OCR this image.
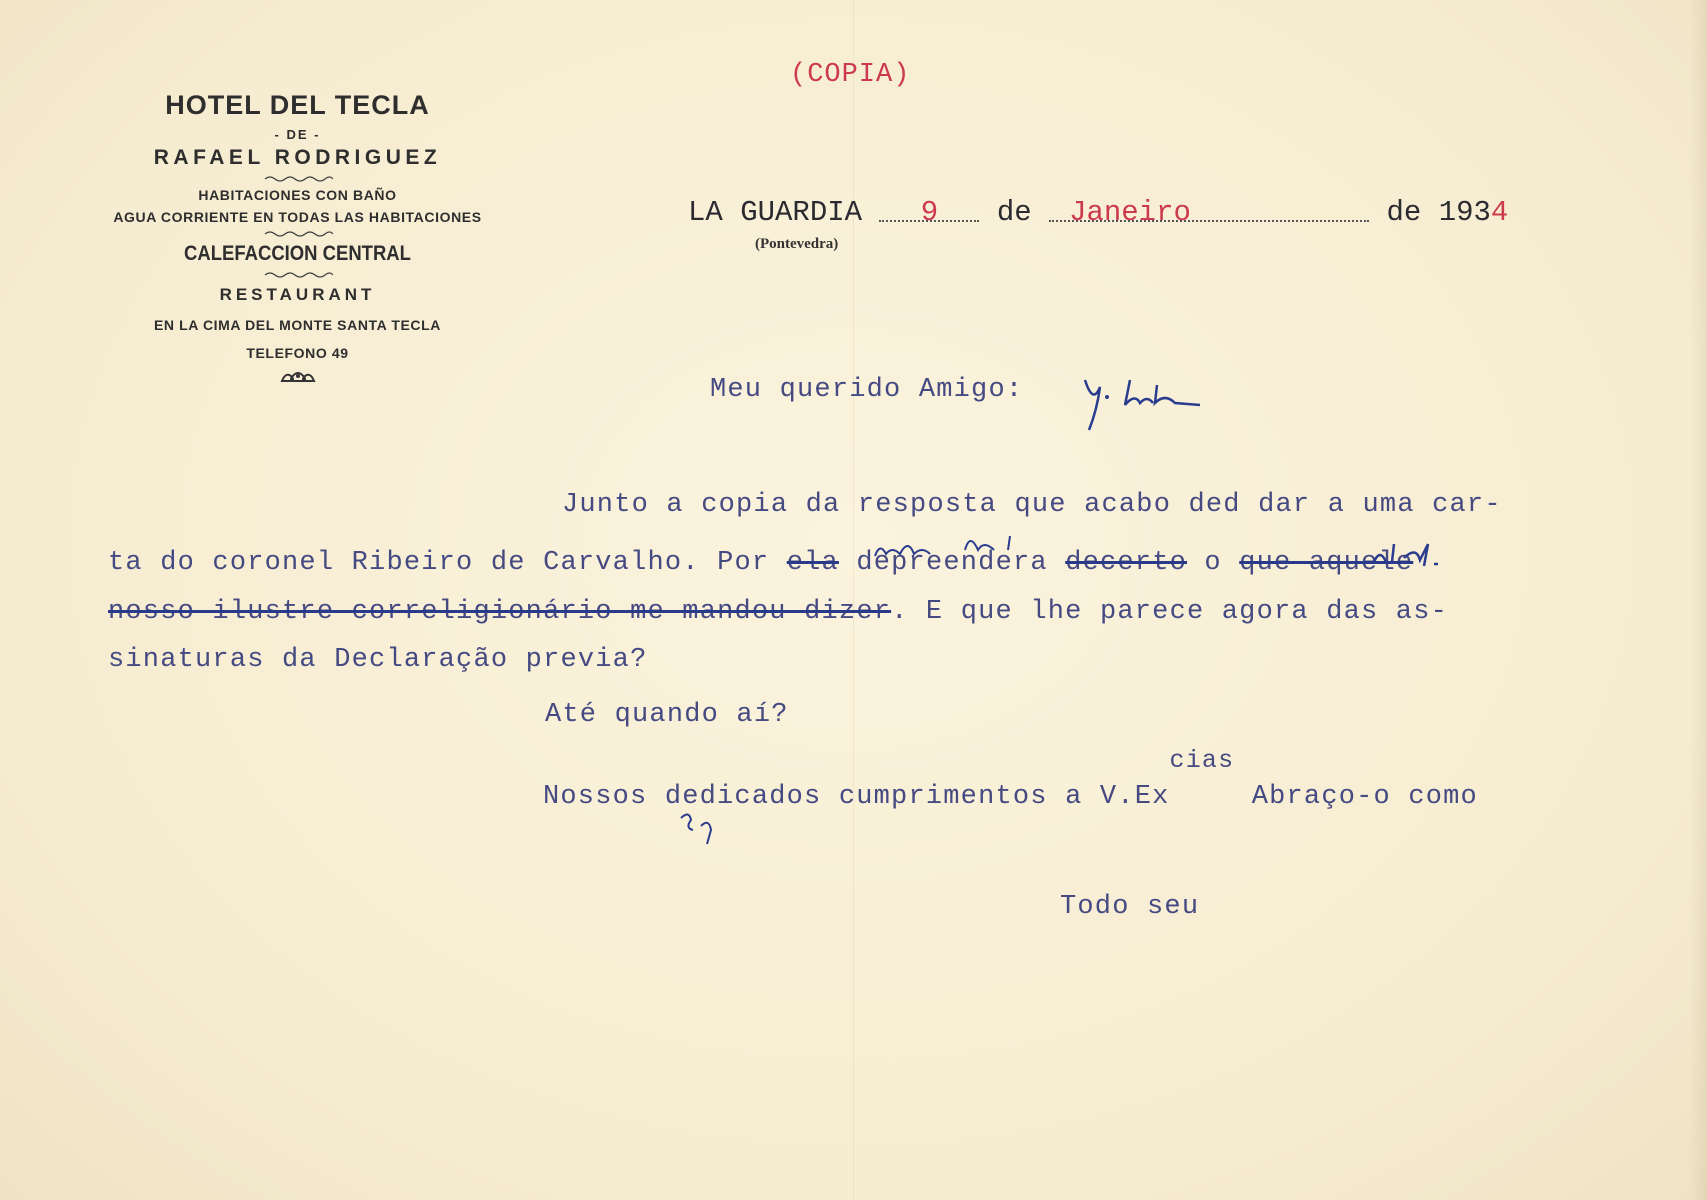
HOTEL DEL TECLA
- DE -
RAFAEL RODRIGUEZ
HABITACIONES CON BAÑO
AGUA CORRIENTE EN TODAS LAS HABITACIONES
CALEFACCION CENTRAL
RESTAURANT
EN LA CIMA DEL MONTE SANTA TECLA
TELEFONO 49
(COPIA)
LA GUARDIA 9 de Janeiro	de 1934
(Pontevedra)
Meu querido Amigo:
Junto a copia da resposta que acabo ded dar a uma car-
ta do coronel Ribeiro de Carvalho. Por ela depreendera decerto o que aquele
nosso ilustre correligionário me mandou dizer. E que lhe parece agora das as-
sinaturas da Declaração previa?
Até quando aí?
Nossos dedicados cumprimentos a V.Excias Abraço-o como
Todo seu
